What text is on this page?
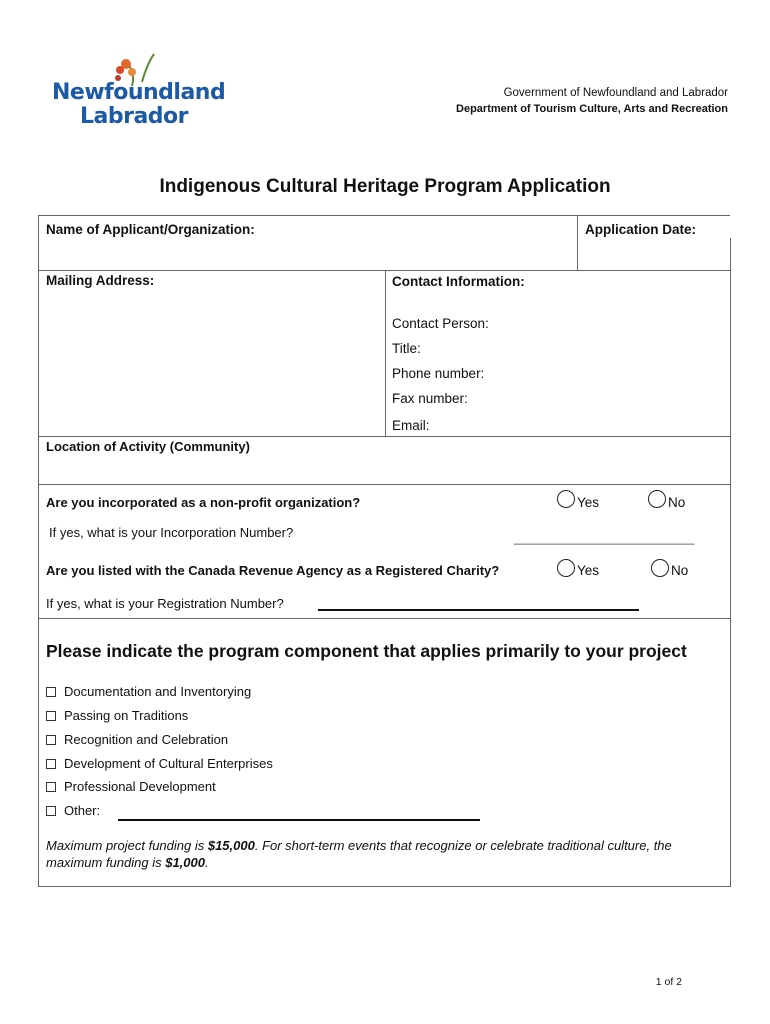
Newfoundland
Labrador
Government of Newfoundland and Labrador
Department of Tourism Culture, Arts and Recreation
Indigenous Cultural Heritage Program Application
Name of Applicant/Organization:	Application Date:
Mailing Address:	Contact Information:
Contact Person:
Title:
Phone number:
Fax number:
Email:
Location of Activity (Community)
Are you incorporated as a non-profit organization?	Yes	No
If yes, what is your Incorporation Number?	___________________________
Are you listed with the Canada Revenue Agency as a Registered Charity?	Yes	No
If yes, what is your Registration Number?
Please indicate the program component that applies primarily to your project
Documentation and Inventorying
Passing on Traditions
Recognition and Celebration
Development of Cultural Enterprises
Professional Development
Other:
Maximum project funding is $15,000. For short-term events that recognize or celebrate traditional culture, the maximum funding is $1,000.
1 of 2
